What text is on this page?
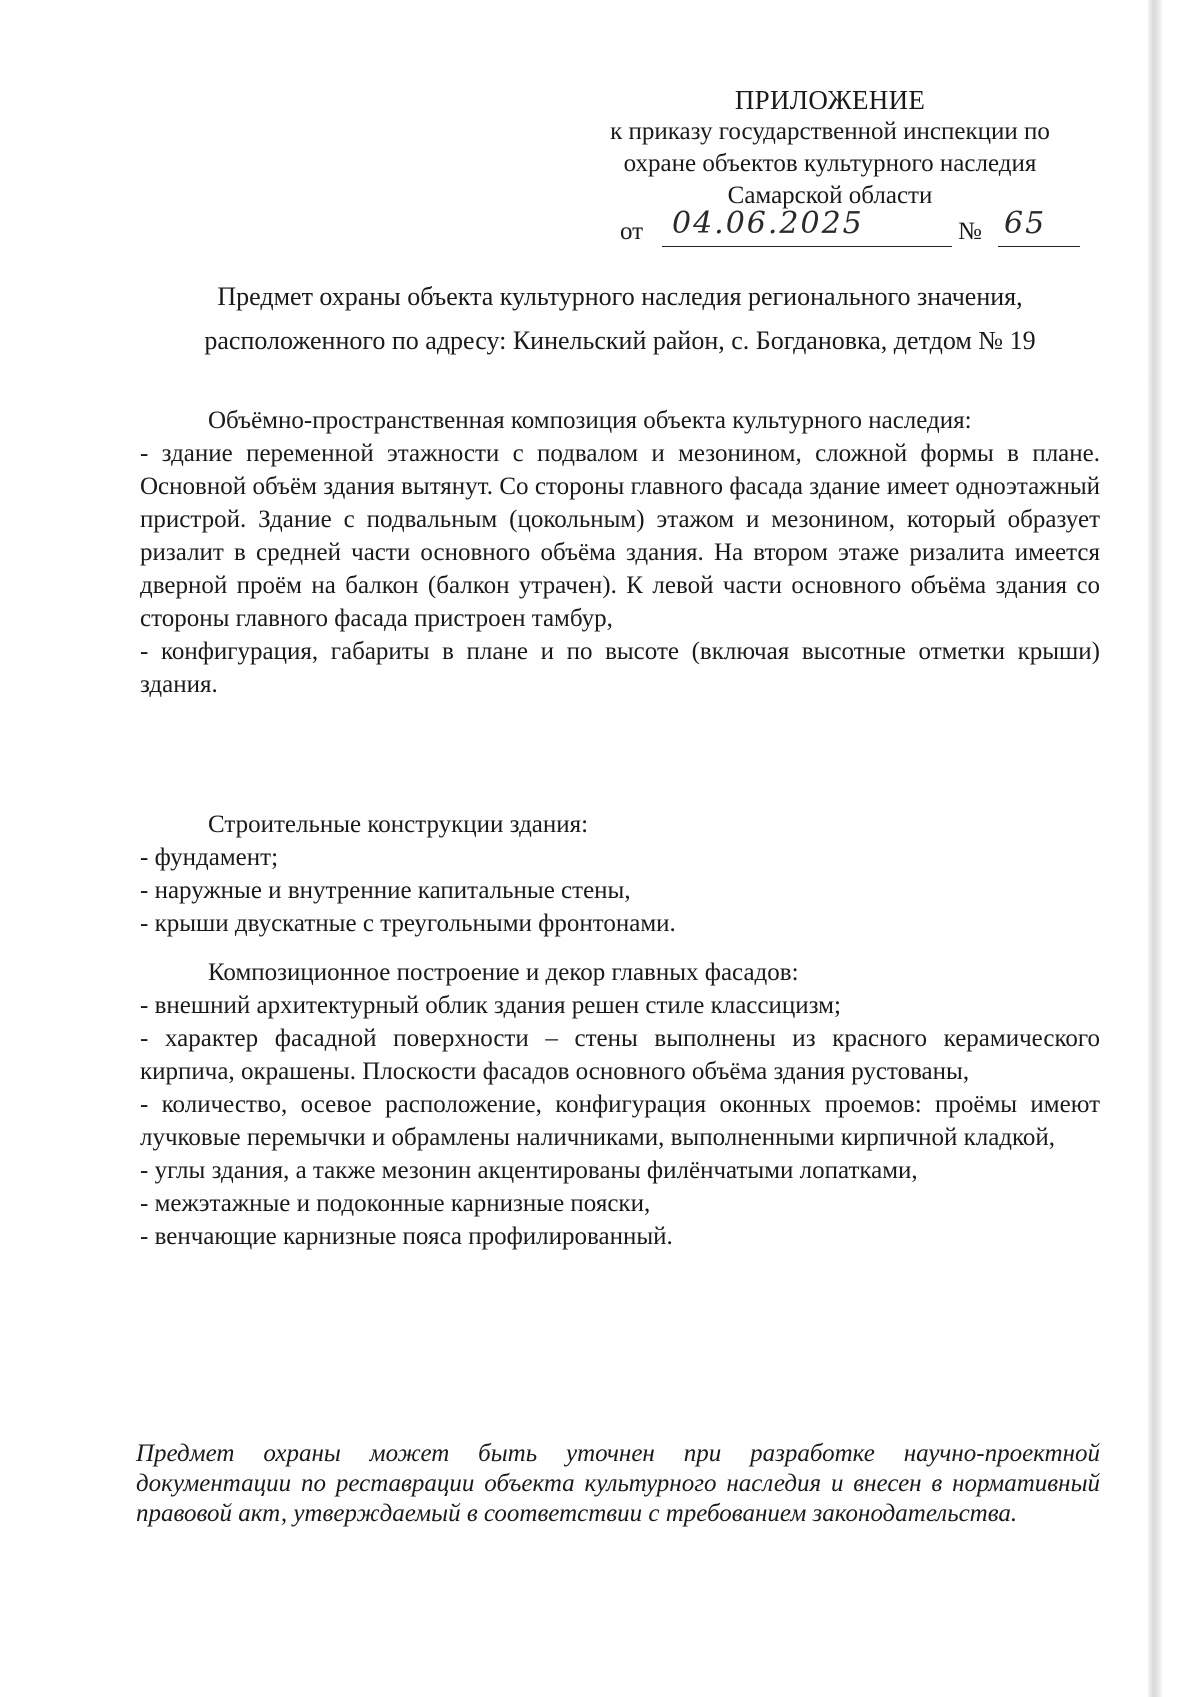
ПРИЛОЖЕНИЕ
к приказу государственной инспекции по
охране объектов культурного наследия
Самарской области
от 04.06.2025	№ 65
Предмет охраны объекта культурного наследия регионального значения,
расположенного по адресу: Кинельский район, с. Богдановка, детдом № 19

Объёмно-пространственная композиция объекта культурного наследия:

- здание переменной этажности с подвалом и мезонином, сложной формы в плане. Основной объём здания вытянут. Со стороны главного фасада здание имеет одноэтажный пристрой. Здание с подвальным (цокольным) этажом и мезонином, который образует ризалит в средней части основного объёма здания. На втором этаже ризалита имеется дверной проём на балкон (балкон утрачен). К левой части основного объёма здания со стороны главного фасада пристроен тамбур,

- конфигурация, габариты в плане и по высоте (включая высотные отметки крыши) здания.

Строительные конструкции здания:

- фундамент;

- наружные и внутренние капитальные стены,

- крыши двускатные с треугольными фронтонами.

Композиционное построение и декор главных фасадов:

- внешний архитектурный облик здания решен стиле классицизм;

- характер фасадной поверхности – стены выполнены из красного керамического кирпича, окрашены. Плоскости фасадов основного объёма здания рустованы,

- количество, осевое расположение, конфигурация оконных проемов: проёмы имеют лучковые перемычки и обрамлены наличниками, выполненными кирпичной кладкой,

- углы здания, а также мезонин акцентированы филёнчатыми лопатками,

- межэтажные и подоконные карнизные пояски,

- венчающие карнизные пояса профилированный.

Предмет охраны может быть уточнен при разработке научно-проектной документации по реставрации объекта культурного наследия и внесен в нормативный правовой акт, утверждаемый в соответствии с требованием законодательства.
